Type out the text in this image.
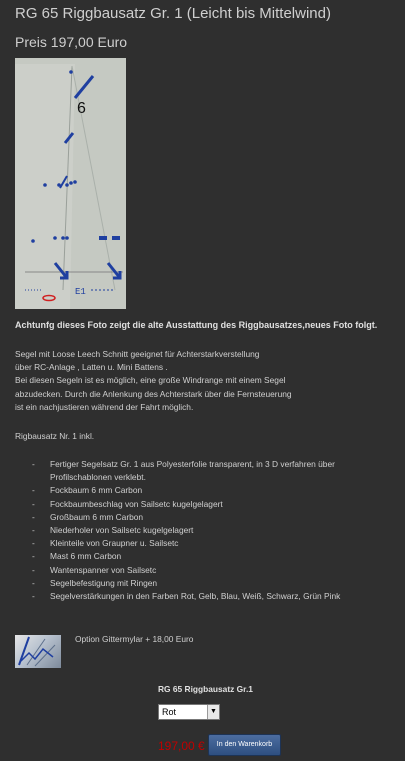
RG 65 Riggbausatz Gr. 1 (Leicht bis Mittelwind)
Preis 197,00 Euro
6
E1
Achtunfg dieses Foto zeigt die alte Ausstattung des Riggbausatzes,neues Foto folgt.
Segel mit Loose Leech Schnitt geeignet für Achterstarkverstellung
über RC-Anlage , Latten u. Mini Battens .
Bei diesen Segeln ist es möglich, eine große Windrange mit einem Segel
abzudecken. Durch die Anlenkung des Achterstark über die Fernsteuerung
ist ein nachjustieren während der Fahrt möglich.
Rigbausatz Nr. 1 inkl.
- Fertiger Segelsatz Gr. 1 aus Polyesterfolie transparent, in 3 D verfahren über Profilschablonen verklebt.
- Fockbaum 6 mm Carbon
- Fockbaumbeschlag von Sailsetc kugelgelagert
- Großbaum 6 mm Carbon
- Niederholer von Sailsetc kugelgelagert
- Kleinteile von Graupner u. Sailsetc
- Mast 6 mm Carbon
- Wantenspanner von Sailsetc
- Segelbefestigung mit Ringen
- Segelverstärkungen in den Farben Rot, Gelb, Blau, Weiß, Schwarz, Grün Pink
Option Gittermylar + 18,00 Euro
RG 65 Riggbausatz Gr.1
Rot	▼
197,00 €	In den Warenkorb
